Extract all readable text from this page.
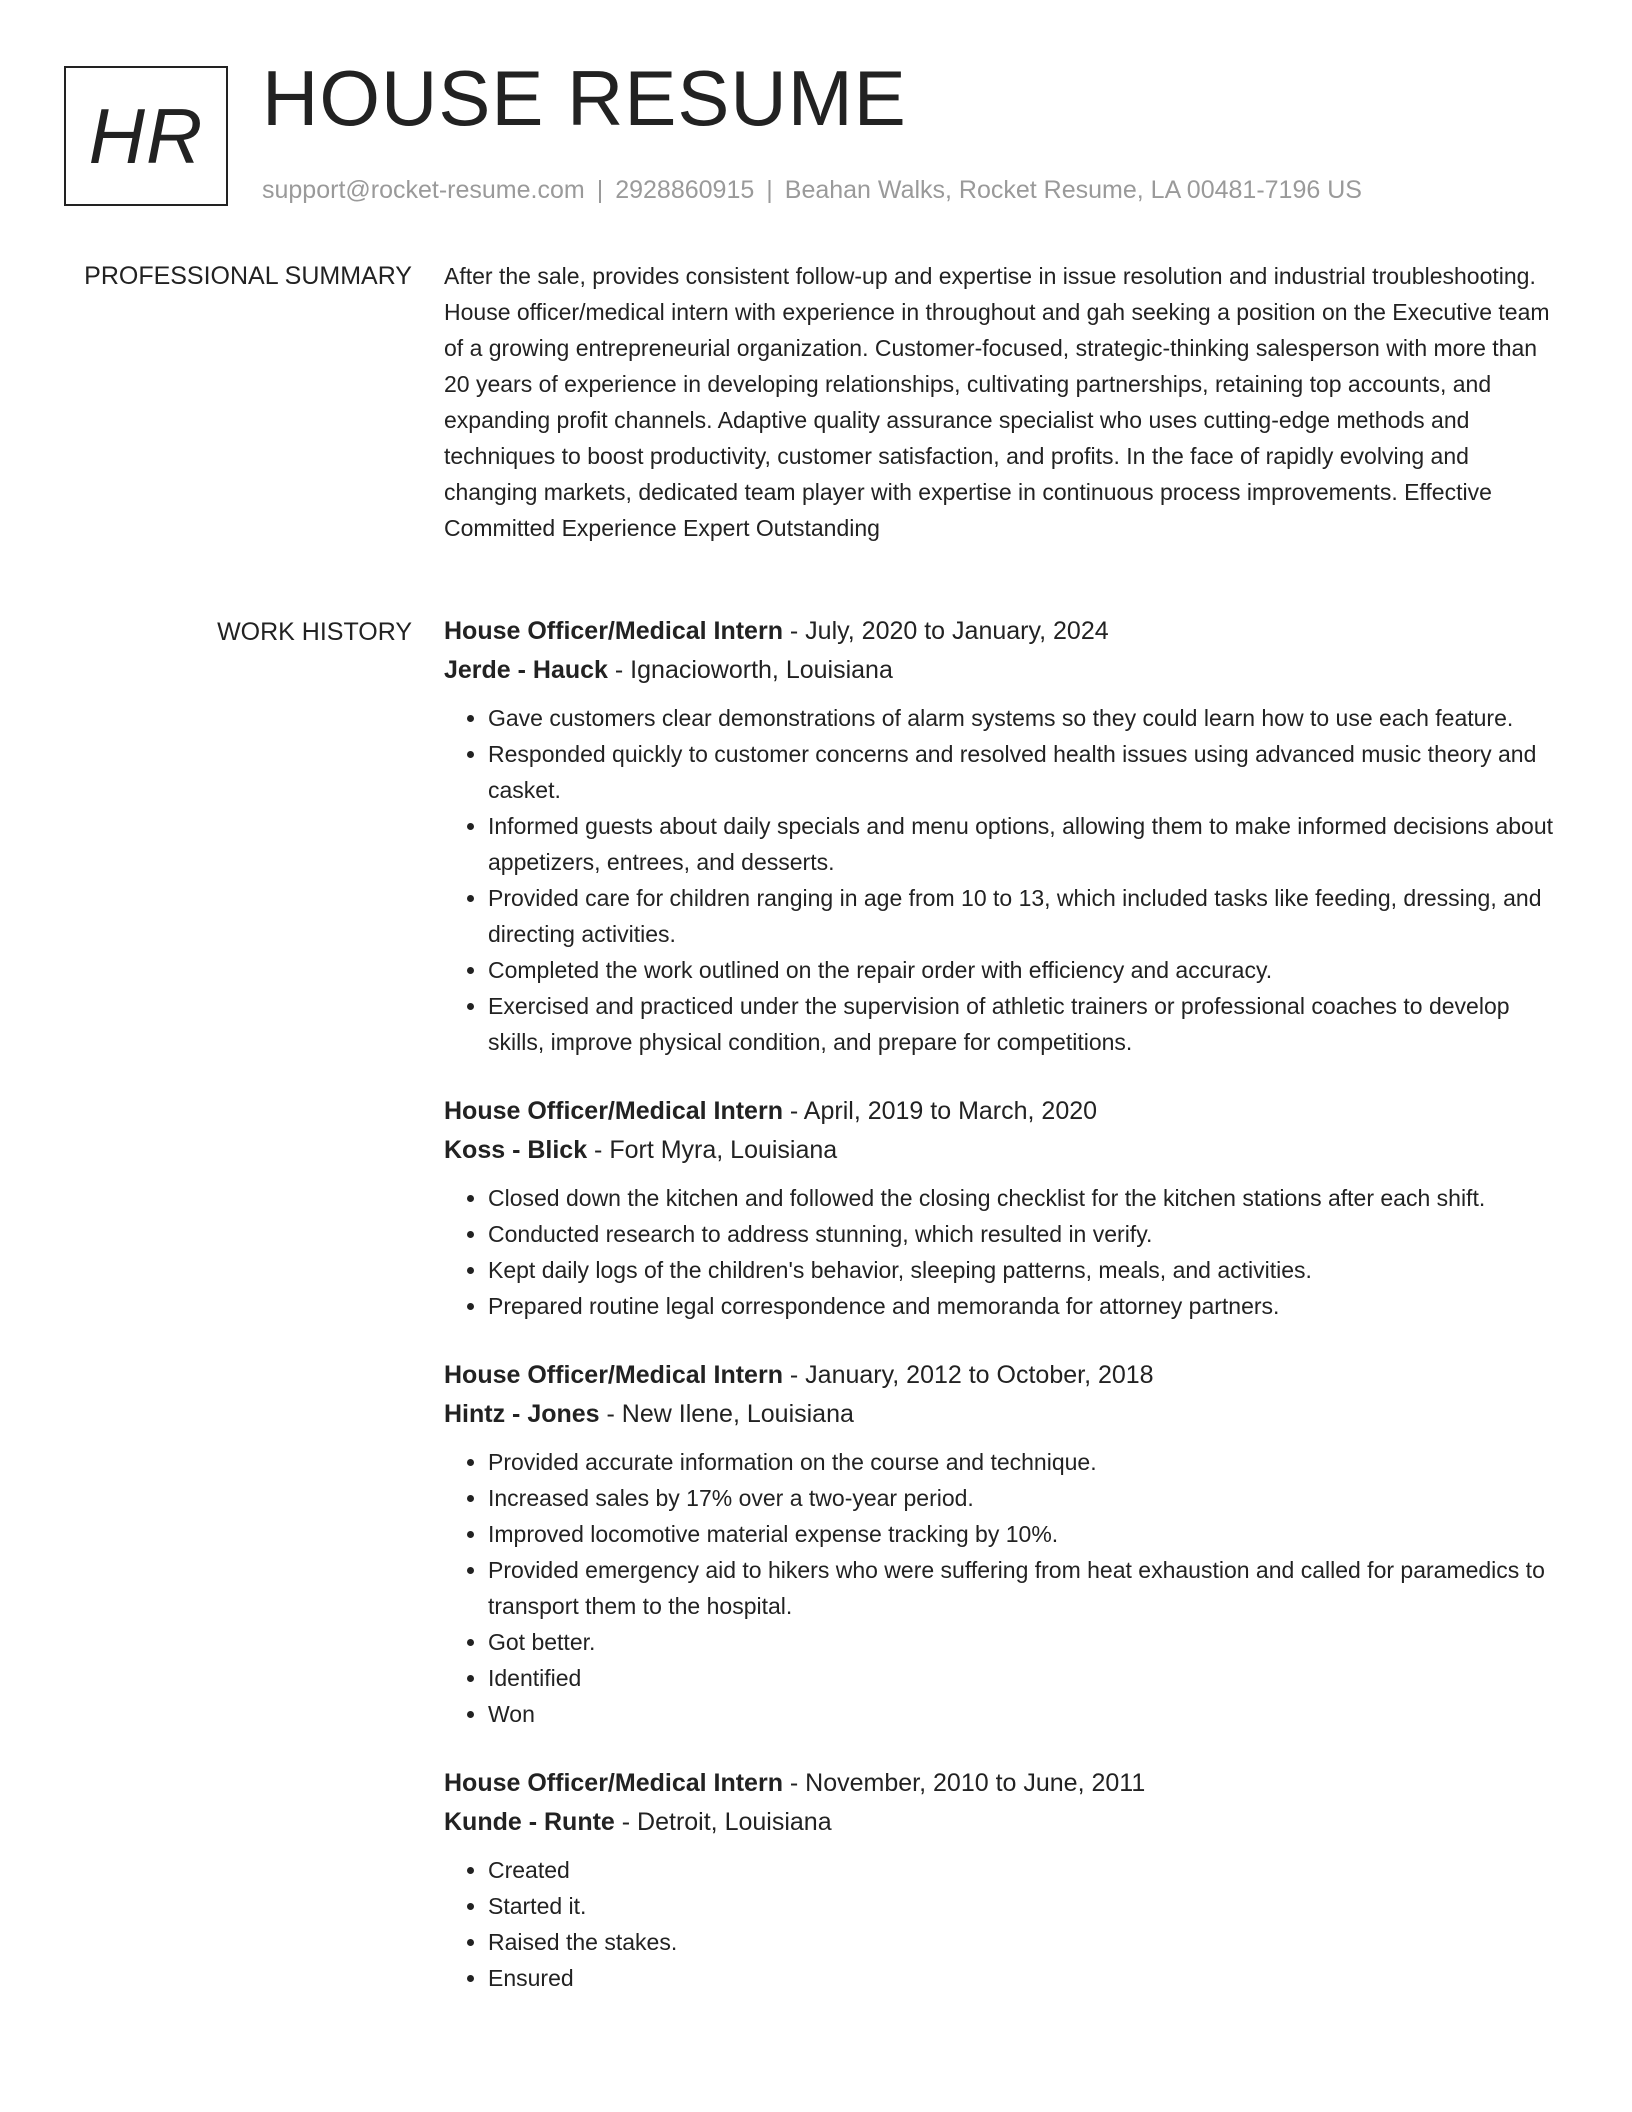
HR HOUSE RESUME
support@rocket-resume.com | 2928860915 | Beahan Walks, Rocket Resume, LA 00481-7196 US
PROFESSIONAL SUMMARY After the sale, provides consistent follow-up and expertise in issue resolution and industrial troubleshooting. House officer/medical intern with experience in throughout and gah seeking a position on the Executive team of a growing entrepreneurial organization. Customer-focused, strategic-thinking salesperson with more than 20 years of experience in developing relationships, cultivating partnerships, retaining top accounts, and expanding profit channels. Adaptive quality assurance specialist who uses cutting-edge methods and techniques to boost productivity, customer satisfaction, and profits. In the face of rapidly evolving and changing markets, dedicated team player with expertise in continuous process improvements. Effective Committed Experience Expert Outstanding

WORK HISTORY House Officer/Medical Intern - July, 2020 to January, 2024

Jerde - Hauck - Ignacioworth, Louisiana

• Gave customers clear demonstrations of alarm systems so they could learn how to use each feature.
• Responded quickly to customer concerns and resolved health issues using advanced music theory and casket.
• Informed guests about daily specials and menu options, allowing them to make informed decisions about appetizers, entrees, and desserts.
• Provided care for children ranging in age from 10 to 13, which included tasks like feeding, dressing, and directing activities.
• Completed the work outlined on the repair order with efficiency and accuracy.
• Exercised and practiced under the supervision of athletic trainers or professional coaches to develop skills, improve physical condition, and prepare for competitions.

House Officer/Medical Intern - April, 2019 to March, 2020

Koss - Blick - Fort Myra, Louisiana

• Closed down the kitchen and followed the closing checklist for the kitchen stations after each shift.
• Conducted research to address stunning, which resulted in verify.
• Kept daily logs of the children's behavior, sleeping patterns, meals, and activities.
• Prepared routine legal correspondence and memoranda for attorney partners.

House Officer/Medical Intern - January, 2012 to October, 2018

Hintz - Jones - New Ilene, Louisiana

• Provided accurate information on the course and technique.
• Increased sales by 17% over a two-year period.
• Improved locomotive material expense tracking by 10%.
• Provided emergency aid to hikers who were suffering from heat exhaustion and called for paramedics to transport them to the hospital.
• Got better.
• Identified
• Won

House Officer/Medical Intern - November, 2010 to June, 2011

Kunde - Runte - Detroit, Louisiana

• Created
• Started it.
• Raised the stakes.
• Ensured
